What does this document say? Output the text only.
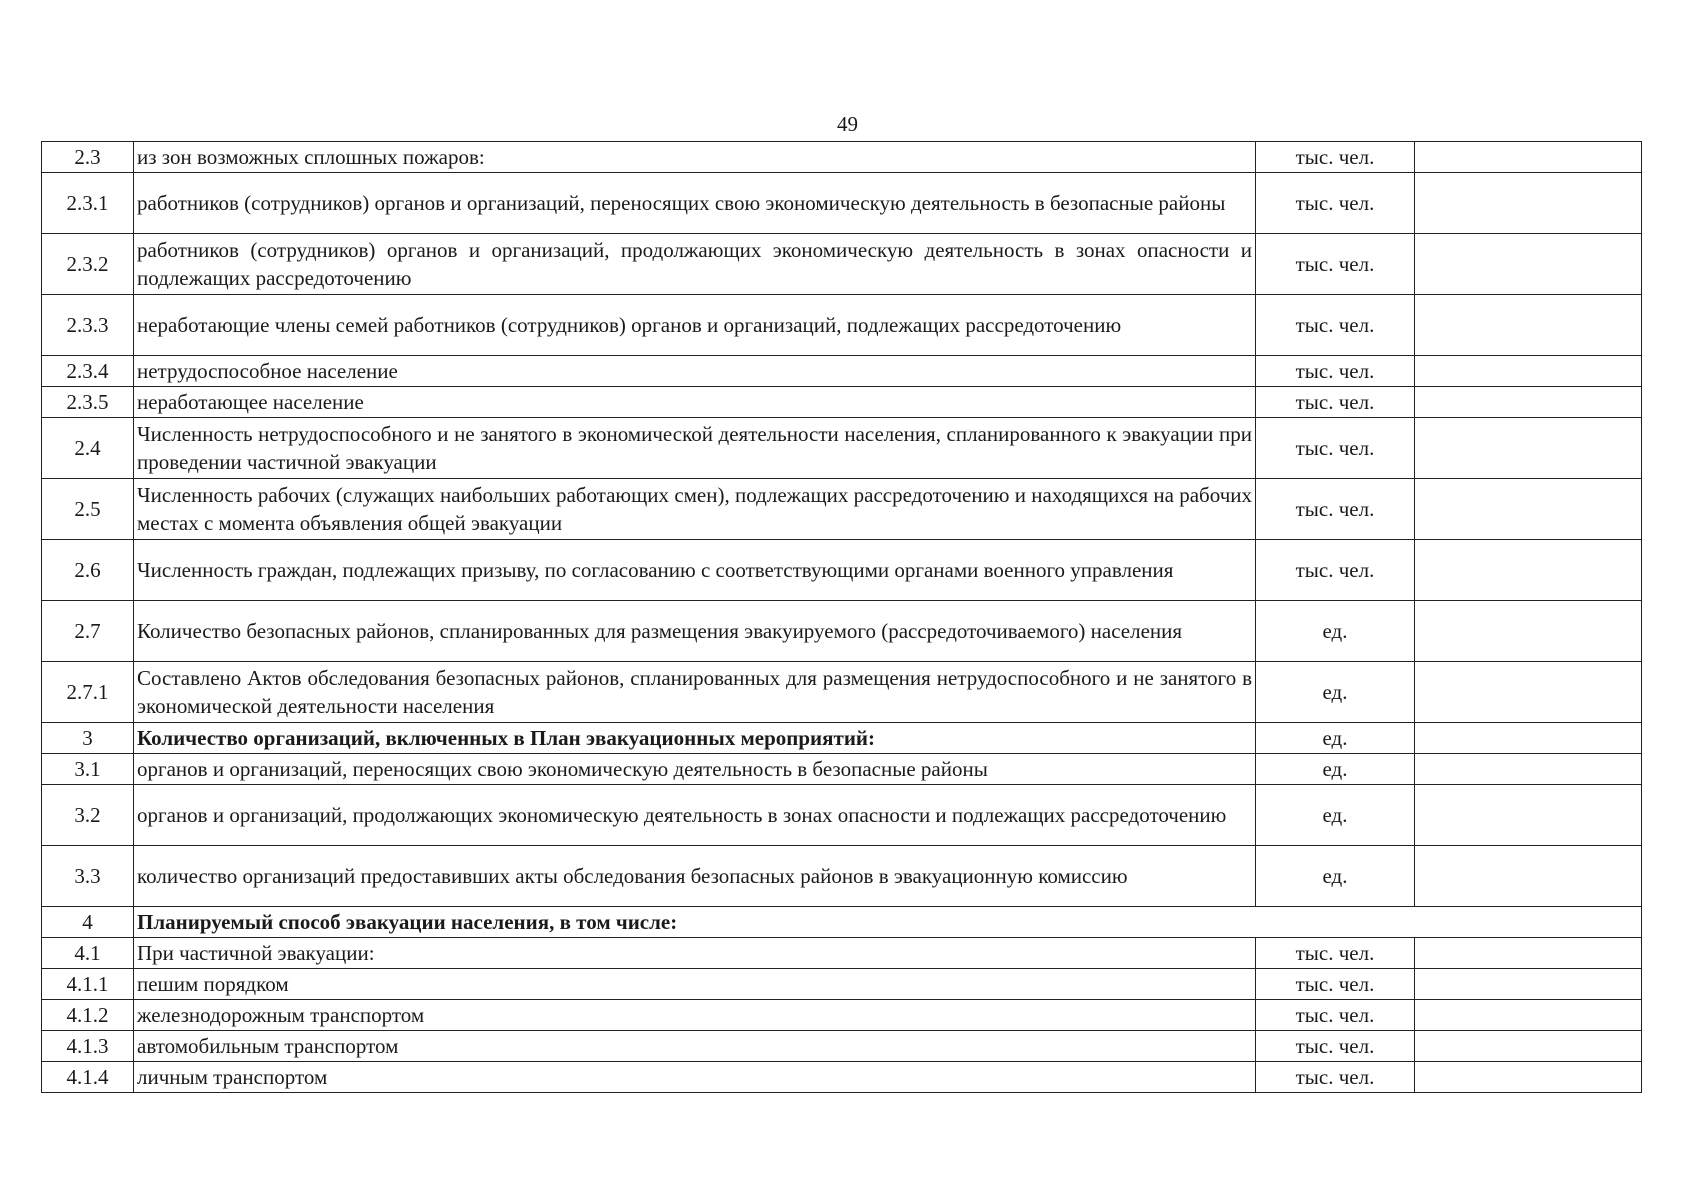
49
2.3	из зон возможных сплошных пожаров:	тыс. чел.	
2.3.1	работников (сотрудников) органов и организаций, переносящих свою экономическую деятельность в безопасные районы	тыс. чел.	
2.3.2	работников (сотрудников) органов и организаций, продолжающих экономическую деятельность в зонах опасности и подлежащих рассредоточению	тыс. чел.	
2.3.3	неработающие члены семей работников (сотрудников) органов и организаций, подлежащих рассредоточению	тыс. чел.	
2.3.4	нетрудоспособное население	тыс. чел.	
2.3.5	неработающее население	тыс. чел.	
2.4	Численность нетрудоспособного и не занятого в экономической деятельности населения, спланированного к эвакуации при проведении частичной эвакуации	тыс. чел.	
2.5	Численность рабочих (служащих наибольших работающих смен), подлежащих рассредоточению и находящихся на рабочих местах с момента объявления общей эвакуации	тыс. чел.	
2.6	Численность граждан, подлежащих призыву, по согласованию с соответствующими органами военного управления	тыс. чел.	
2.7	Количество безопасных районов, спланированных для размещения эвакуируемого (рассредоточиваемого) населения	ед.	
2.7.1	Составлено Актов обследования безопасных районов, спланированных для размещения нетрудоспособного и не занятого в экономической деятельности населения	ед.	
3	Количество организаций, включенных в План эвакуационных мероприятий:	ед.	
3.1	органов и организаций, переносящих свою экономическую деятельность в безопасные районы	ед.	
3.2	органов и организаций, продолжающих экономическую деятельность в зонах опасности и подлежащих рассредоточению	ед.	
3.3	количество организаций предоставивших акты обследования безопасных районов в эвакуационную комиссию	ед.	
4	Планируемый способ эвакуации населения, в том числе:		
4.1	При частичной эвакуации:	тыс. чел.	
4.1.1	пешим порядком	тыс. чел.	
4.1.2	железнодорожным транспортом	тыс. чел.	
4.1.3	автомобильным транспортом	тыс. чел.	
4.1.4	личным транспортом	тыс. чел.	
